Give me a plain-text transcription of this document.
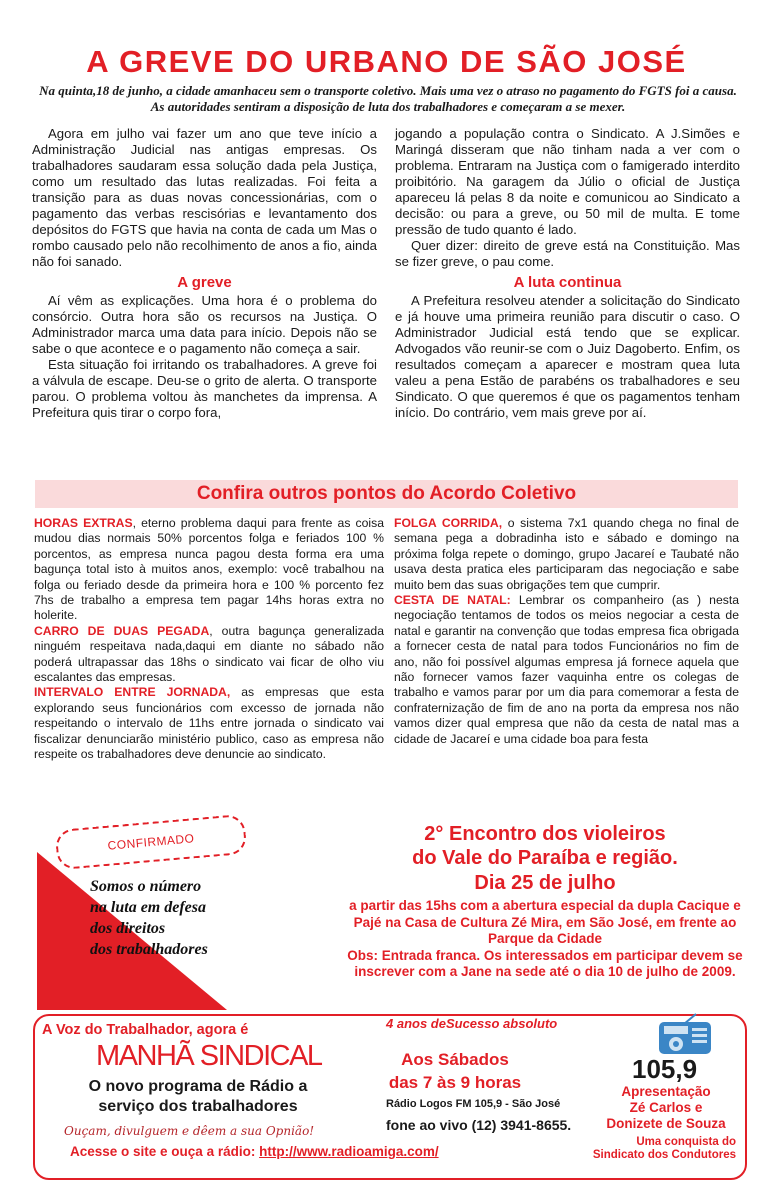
A GREVE DO URBANO DE SÃO JOSÉ
Na quinta,18 de junho, a cidade amanhaceu sem o transporte coletivo. Mais uma vez o atraso no pagamento do FGTS foi a causa. As autoridades sentiram a disposição de luta dos trabalhadores e começaram a se mexer.

Agora em julho vai fazer um ano que teve início a Administração Judicial nas antigas empresas. Os trabalhadores saudaram essa solução dada pela Justiça, como um resultado das lutas realizadas. Foi feita a transição para as duas novas concessionárias, com o pagamento das verbas rescisórias e levantamento dos depósitos do FGTS que havia na conta de cada um Mas o rombo causado pelo não recolhimento de anos a fio, ainda não foi sanado.

A greve

Aí vêm as explicações. Uma hora é o problema do consórcio. Outra hora são os recursos na Justiça. O Administrador marca uma data para início. Depois não se sabe o que acontece e o pagamento não começa a sair.

Esta situação foi irritando os trabalhadores. A greve foi a válvula de escape. Deu-se o grito de alerta. O transporte parou. O problema voltou às manchetes da imprensa. A Prefeitura quis tirar o corpo fora,

jogando a população contra o Sindicato. A J.Simões e Maringá disseram que não tinham nada a ver com o problema. Entraram na Justiça com o famigerado interdito proibitório. Na garagem da Júlio o oficial de Justiça apareceu lá pelas 8 da noite e comunicou ao Sindicato a decisão: ou para a greve, ou 50 mil de multa. E tome pressão de tudo quanto é lado.

Quer dizer: direito de greve está na Constituição. Mas se fizer greve, o pau come.

A luta continua

A Prefeitura resolveu atender a solicitação do Sindicato e já houve uma primeira reunião para discutir o caso. O Administrador Judicial está tendo que se explicar. Advogados vão reunir-se com o Juiz Dagoberto. Enfim, os resultados começam a aparecer e mostram quea luta valeu a pena Estão de parabéns os trabalhadores e seu Sindicato. O que queremos é que os pagamentos tenham início. Do contrário, vem mais greve por aí.

Confira outros pontos do Acordo Coletivo

HORAS EXTRAS, eterno problema daqui para frente as coisa mudou dias normais 50% porcentos folga e feriados 100 % porcentos, as empresa nunca pagou desta forma era uma bagunça total isto à muitos anos, exemplo: você trabalhou na folga ou feriado desde da primeira hora e 100 % porcento fez 7hs de trabalho a empresa tem pagar 14hs horas extra no holerite.

CARRO DE DUAS PEGADA, outra bagunça generalizada ninguém respeitava nada,daqui em diante no sábado não poderá ultrapassar das 18hs o sindicato vai ficar de olho viu escalantes das empresas.

INTERVALO ENTRE JORNADA, as empresas que esta explorando seus funcionários com excesso de jornada não respeitando o intervalo de 11hs entre jornada o sindicato vai fiscalizar denunciarão ministério publico, caso as empresa não respeite os trabalhadores deve denuncie ao sindicato.

FOLGA CORRIDA, o sistema 7x1 quando chega no final de semana pega a dobradinha isto e sábado e domingo na próxima folga repete o domingo, grupo Jacareí e Taubaté não usava desta pratica eles participaram das negociação e sabe muito bem das suas obrigações tem que cumprir.

CESTA DE NATAL: Lembrar os companheiro (as ) nesta negociação tentamos de todos os meios negociar a cesta de natal e garantir na convenção que todas empresa fica obrigada a fornecer cesta de natal para todos Funcionários no fim de ano, não foi possível algumas empresa já fornece aquela que não fornecer vamos fazer vaquinha entre os colegas de trabalho e vamos parar por um dia para comemorar a festa de confraternização de fim de ano na porta da empresa nos não vamos dizer qual empresa que não da cesta de natal mas a cidade de Jacareí e uma cidade boa para festa

CONFIRMADO
Somos o número
na luta em defesa
dos direitos
dos trabalhadores
2° Encontro dos violeiros
do Vale do Paraíba e região.
Dia 25 de julho
a partir das 15hs com a abertura especial da dupla Cacique e Pajé na Casa de Cultura Zé Mira, em São José, em frente ao Parque da Cidade
Obs: Entrada franca. Os interessados em participar devem se inscrever com a Jane na sede até o dia 10 de julho de 2009.
A Voz do Trabalhador, agora é
MANHÃ SINDICAL
O novo programa de Rádio a
serviço dos trabalhadores
Ouçam, divulguem e dêem a sua Opnião!
Acesse o site e ouça a rádio: http://www.radioamiga.com/
4 anos deSucesso absoluto
Aos Sábados
das 7 às 9 horas
Rádio Logos FM 105,9 - São José
fone ao vivo (12) 3941-8655.
105,9
Apresentação
Zé Carlos e
Donizete de Souza
Uma conquista do
Sindicato dos Condutores
